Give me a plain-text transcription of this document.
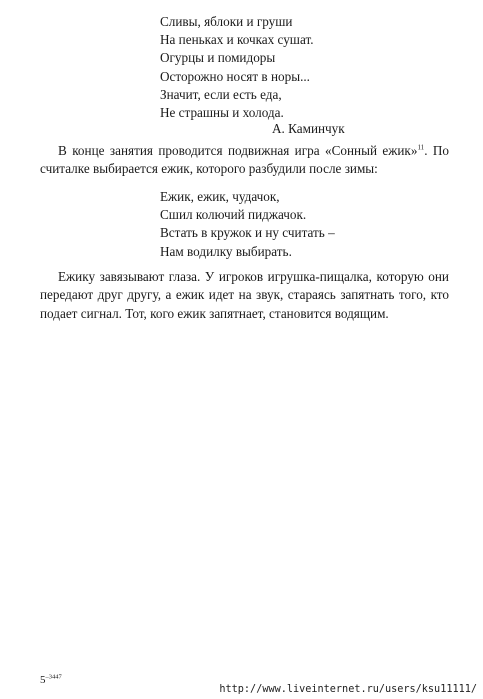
Сливы, яблоки и груши
На пеньках и кочках сушат.
Огурцы и помидоры
Осторожно носят в норы...
Значит, если есть еда,
Не страшны и холода.
А. Каминчук

В конце занятия проводится подвижная игра «Сонный ежик»$^{11}$. По считалке выбирается ежик, которого разбудили после зимы:

Ежик, ежик, чудачок,
Сшил колючий пиджачок.
Встать в кружок и ну считать –
Нам водилку выбирать.

Ежику завязывают глаза. У игроков игрушка-пищалка, которую они передают друг другу, а ежик идет на звук, стараясь запятнать того, кто подает сигнал. Тот, кого ежик запятнает, становится водящим.

$5^{-3447}$
http://www.liveinternet.ru/users/ksu11111/
